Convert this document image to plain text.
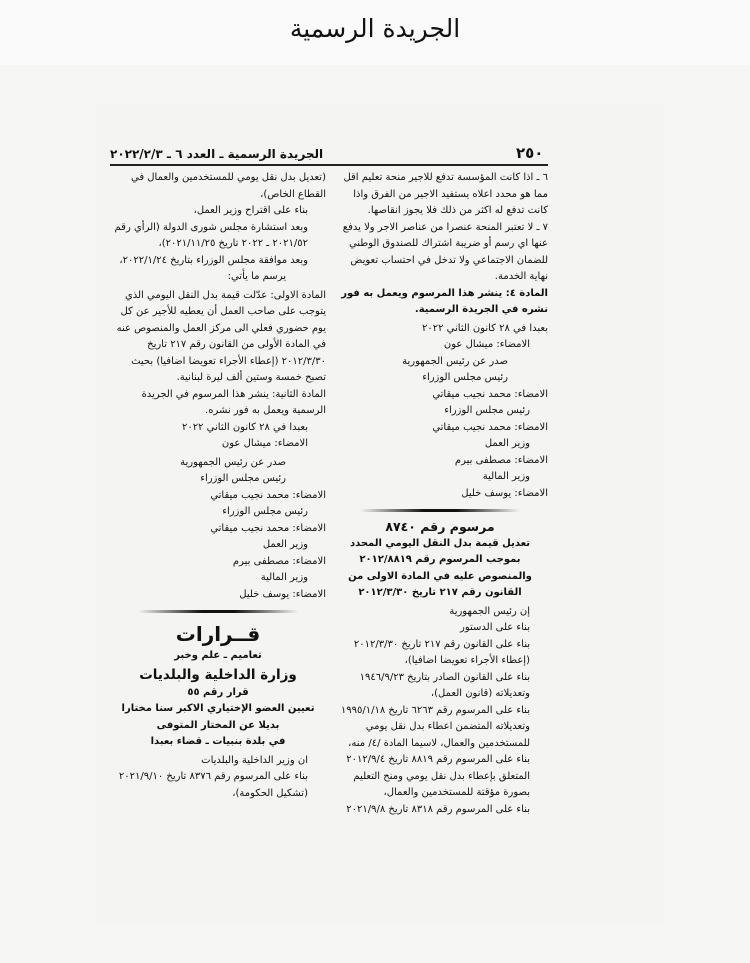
الجريدة الرسمية
٢٥٠
الجريدة الرسمية ـ العدد ٦ ـ ٢٠٢٢/٢/٣

٦ ـ اذا كانت المؤسسة تدفع للاجير منحة تعليم اقل مما هو محدد اعلاه يستفيد الاجير من الفرق واذا كانت تدفع له اكثر من ذلك فلا يجوز انقاصها.

٧ ـ لا تعتبر المنحة عنصرا من عناصر الاجر ولا يدفع عنها اي رسم أو ضريبة اشتراك للصندوق الوطني للضمان الاجتماعي ولا تدخل في احتساب تعويض نهاية الخدمة.

المادة ٤: ينشر هذا المرسوم ويعمل به فور نشره في الجريدة الرسمية.

بعبدا في ٢٨ كانون الثاني ٢٠٢٢

الامضاء: ميشال عون

صدر عن رئيس الجمهورية

رئيس مجلس الوزراء

الامضاء: محمد نجيب ميقاتي

رئيس مجلس الوزراء

الامضاء: محمد نجيب ميقاتي

وزير العمل

الامضاء: مصطفى بيرم

وزير المالية

الامضاء: يوسف خليل

مرسوم رقم ٨٧٤٠

تعديل قيمة بدل النقل اليومي المحدد بموجب المرسوم رقم ٢٠١٢/٨٨١٩

والمنصوص عليه في المادة الاولى من القانون رقم ٢١٧ تاريخ ٢٠١٢/٣/٣٠

إن رئيس الجمهورية

بناء على الدستور

بناء على القانون رقم ٢١٧ تاريخ ٢٠١٢/٣/٣٠ (إعطاء الأجراء تعويضا اضافيا)،

بناء على القانون الصادر بتاريخ ١٩٤٦/٩/٢٣ وتعديلاته (قانون العمل)،

بناء على المرسوم رقم ٦٢٦٣ تاريخ ١٩٩٥/١/١٨ وتعديلاته المتضمن اعطاء بدل نقل يومي للمستخدمين والعمال، لاسيما المادة /٤/ منه،

بناء على المرسوم رقم ٨٨١٩ تاريخ ٢٠١٢/٩/٤ المتعلق بإعطاء بدل نقل يومي ومنح التعليم بصورة مؤقتة للمستخدمين والعمال،

بناء على المرسوم رقم ٨٣١٨ تاريخ ٢٠٢١/٩/٨

(تعديل بدل نقل يومي للمستخدمين والعمال في القطاع الخاص)،

بناء على اقتراح وزير العمل،

وبعد استشارة مجلس شورى الدولة (الرأي رقم ٢٠٢١/٥٢ ـ ٢٠٢٢ تاريخ ٢٠٢١/١١/٢٥)،

وبعد موافقة مجلس الوزراء بتاريخ ٢٠٢٢/١/٢٤،

يرسم ما يأتي:

المادة الاولى: عدّلت قيمة بدل النقل اليومي الذي يتوجب على صاحب العمل أن يعطيه للأجير عن كل يوم حضوري فعلي الى مركز العمل والمنصوص عنه في المادة الأولى من القانون رقم ٢١٧ تاريخ ٢٠١٢/٣/٣٠ (إعطاء الأجراء تعويضا اضافيا) بحيث تصبح خمسة وستين ألف ليرة لبنانية.

المادة الثانية: ينشر هذا المرسوم في الجريدة الرسمية ويعمل به فور نشره.

بعبدا في ٢٨ كانون الثاني ٢٠٢٢

الامضاء: ميشال عون

صدر عن رئيس الجمهورية

رئيس مجلس الوزراء

الامضاء: محمد نجيب ميقاتي

رئيس مجلس الوزراء

الامضاء: محمد نجيب ميقاتي

وزير العمل

الامضاء: مصطفى بيرم

وزير المالية

الامضاء: يوسف خليل

قــرارات

تعاميم ـ علم وخبر

وزارة الداخلية والبلديات

قرار رقم ٥٥

تعيين العضو الإختياري الاكبر سنا مختارا بديلا عن المختار المتوفى

في بلدة بنبيات ـ قضاء بعبدا

ان وزير الداخلية والبلديات

بناء على المرسوم رقم ٨٣٧٦ تاريخ ٢٠٢١/٩/١٠ (تشكيل الحكومة)،
